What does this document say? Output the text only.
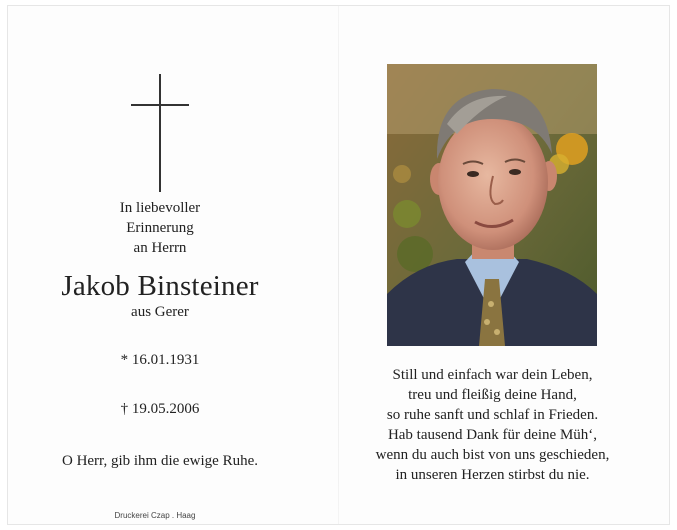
In liebevoller
Erinnerung
an Herrn
Jakob Binsteiner
aus Gerer
* 16.01.1931
† 19.05.2006
O Herr, gib ihm die ewige Ruhe.
Druckerei Czap . Haag
Still und einfach war dein Leben,
treu und fleißig deine Hand,
so ruhe sanft und schlaf in Frieden.
Hab tausend Dank für deine Müh‘,
wenn du auch bist von uns geschieden,
in unseren Herzen stirbst du nie.
